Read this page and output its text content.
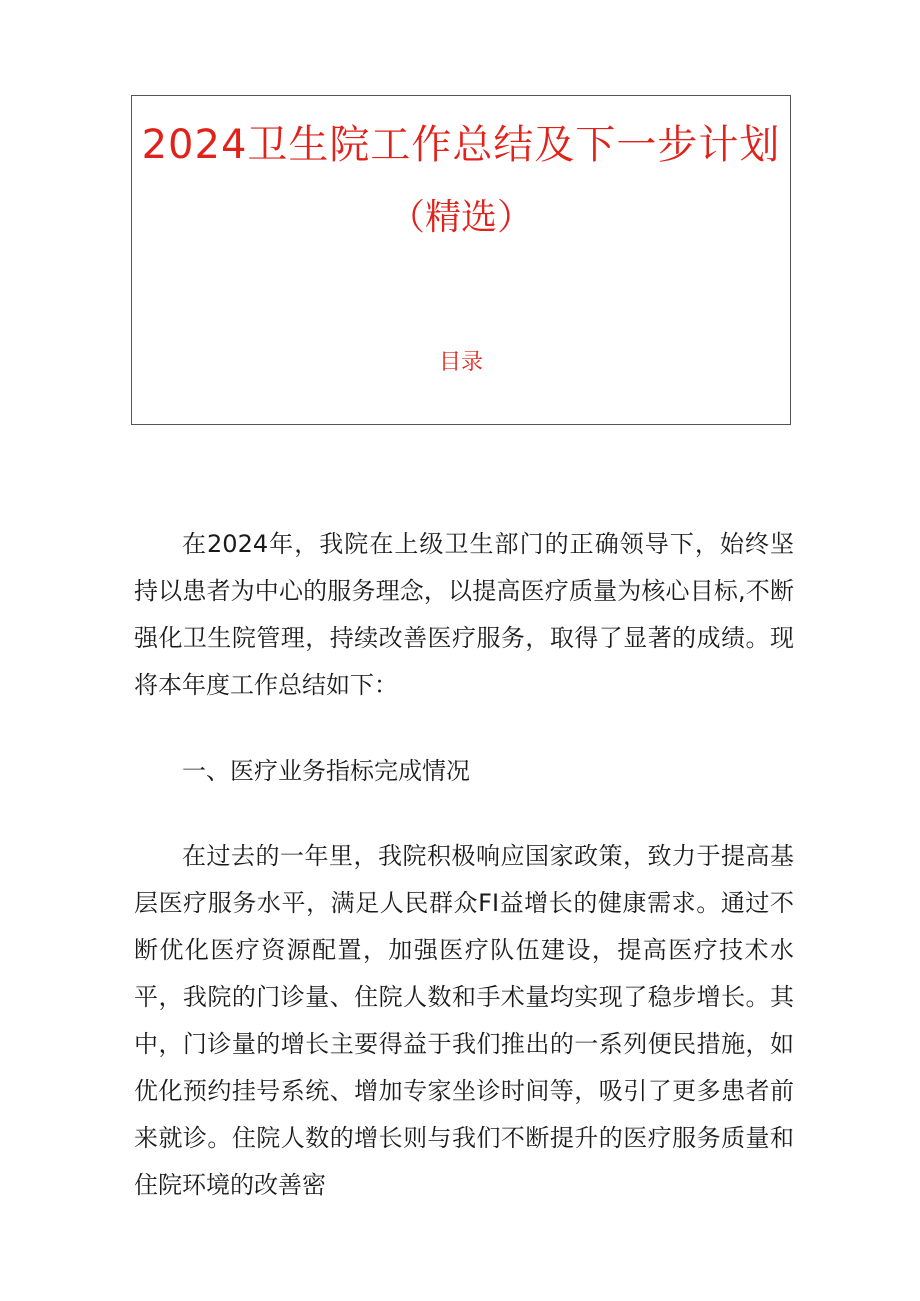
2024卫生院工作总结及下一步计划
（精选）
目录

在2024年，我院在上级卫生部门的正确领导下，始终坚持以患者为中心的服务理念，以提高医疗质量为核心目标,不断强化卫生院管理，持续改善医疗服务，取得了显著的成绩。现将本年度工作总结如下：

一、医疗业务指标完成情况

在过去的一年里，我院积极响应国家政策，致力于提高基层医疗服务水平，满足人民群众FI益增长的健康需求。通过不断优化医疗资源配置，加强医疗队伍建设，提高医疗技术水平，我院的门诊量、住院人数和手术量均实现了稳步增长。其中，门诊量的增长主要得益于我们推出的一系列便民措施，如优化预约挂号系统、增加专家坐诊时间等，吸引了更多患者前来就诊。住院人数的增长则与我们不断提升的医疗服务质量和住院环境的改善密
